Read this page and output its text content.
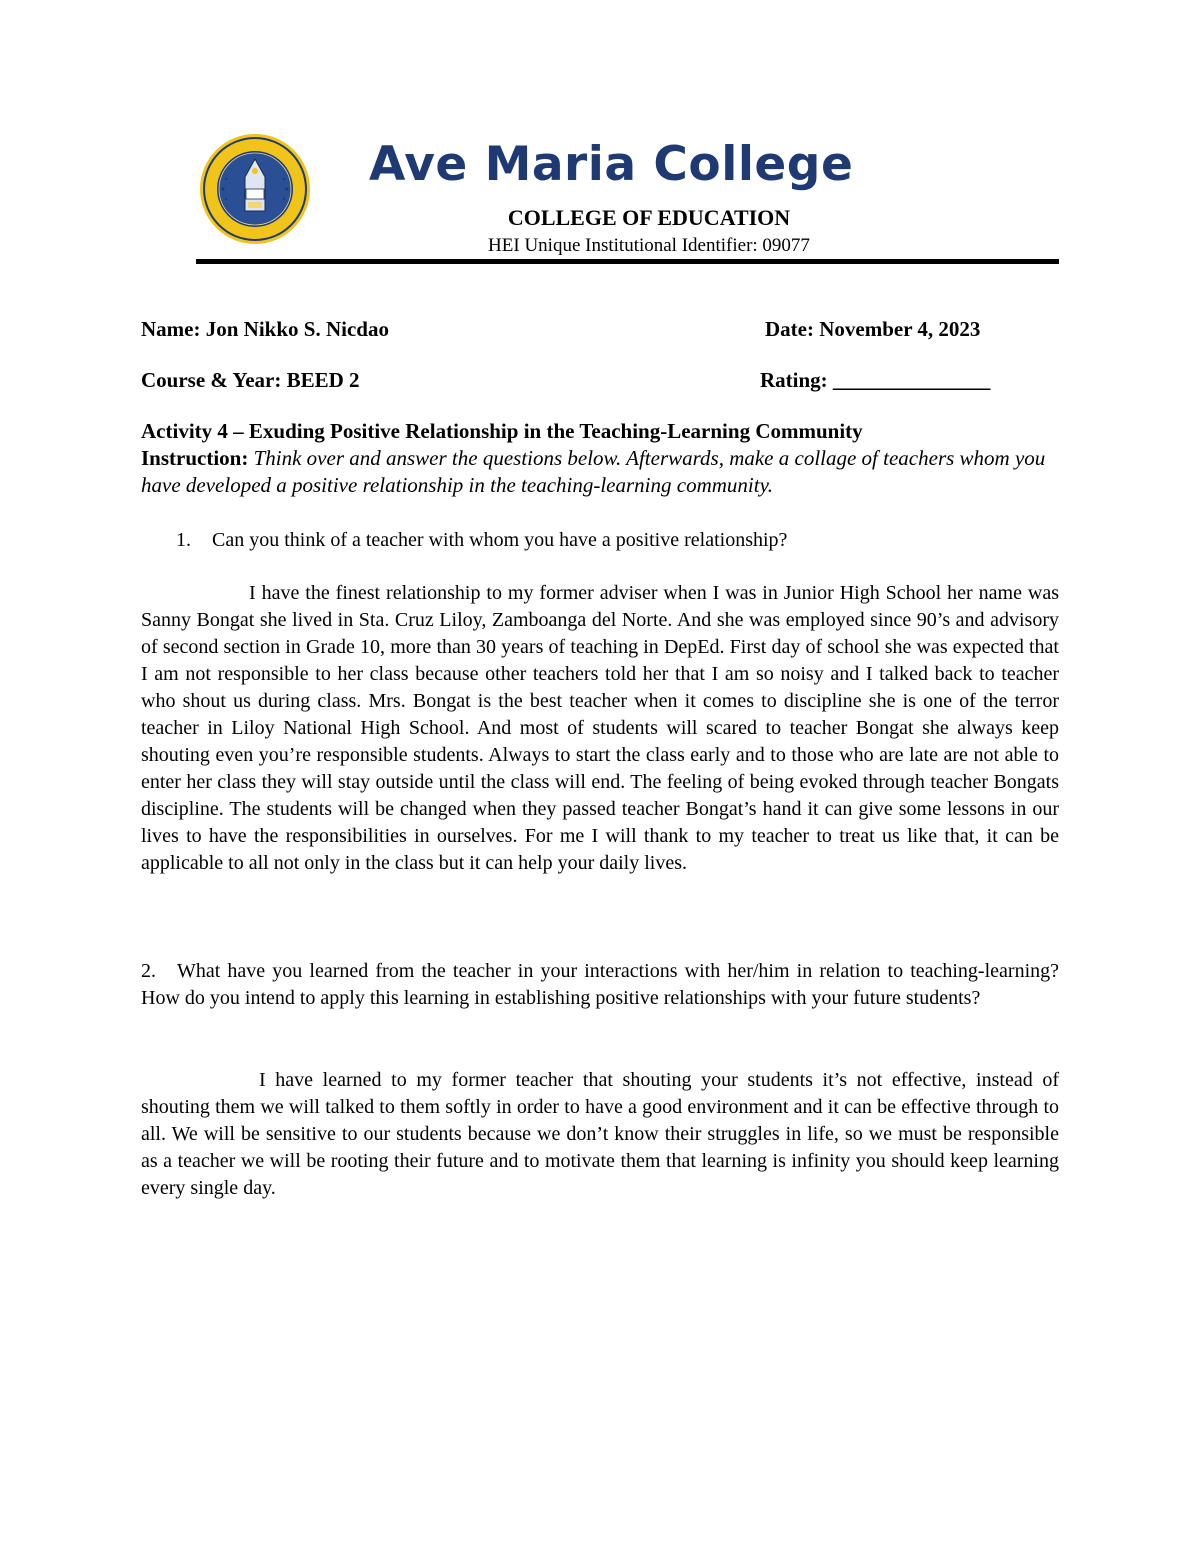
Ave Maria College
COLLEGE OF EDUCATION
HEI Unique Institutional Identifier: 09077
Name: Jon Nikko S. Nicdao	Date: November 4, 2023
Course & Year: BEED 2	Rating: _______________
Activity 4 – Exuding Positive Relationship in the Teaching-Learning Community
Instruction: Think over and answer the questions below. Afterwards, make a collage of teachers whom you have developed a positive relationship in the teaching-learning community.
1. Can you think of a teacher with whom you have a positive relationship?
I have the finest relationship to my former adviser when I was in Junior High School her name was Sanny Bongat she lived in Sta. Cruz Liloy, Zamboanga del Norte. And she was employed since 90’s and advisory of second section in Grade 10, more than 30 years of teaching in DepEd. First day of school she was expected that I am not responsible to her class because other teachers told her that I am so noisy and I talked back to teacher who shout us during class. Mrs. Bongat is the best teacher when it comes to discipline she is one of the terror teacher in Liloy National High School. And most of students will scared to teacher Bongat she always keep shouting even you’re responsible students. Always to start the class early and to those who are late are not able to enter her class they will stay outside until the class will end. The feeling of being evoked through teacher Bongats discipline. The students will be changed when they passed teacher Bongat’s hand it can give some lessons in our lives to have the responsibilities in ourselves. For me I will thank to my teacher to treat us like that, it can be applicable to all not only in the class but it can help your daily lives.
2. What have you learned from the teacher in your interactions with her/him in relation to teaching-learning? How do you intend to apply this learning in establishing positive relationships with your future students?
I have learned to my former teacher that shouting your students it’s not effective, instead of shouting them we will talked to them softly in order to have a good environment and it can be effective through to all. We will be sensitive to our students because we don’t know their struggles in life, so we must be responsible as a teacher we will be rooting their future and to motivate them that learning is infinity you should keep learning every single day.
